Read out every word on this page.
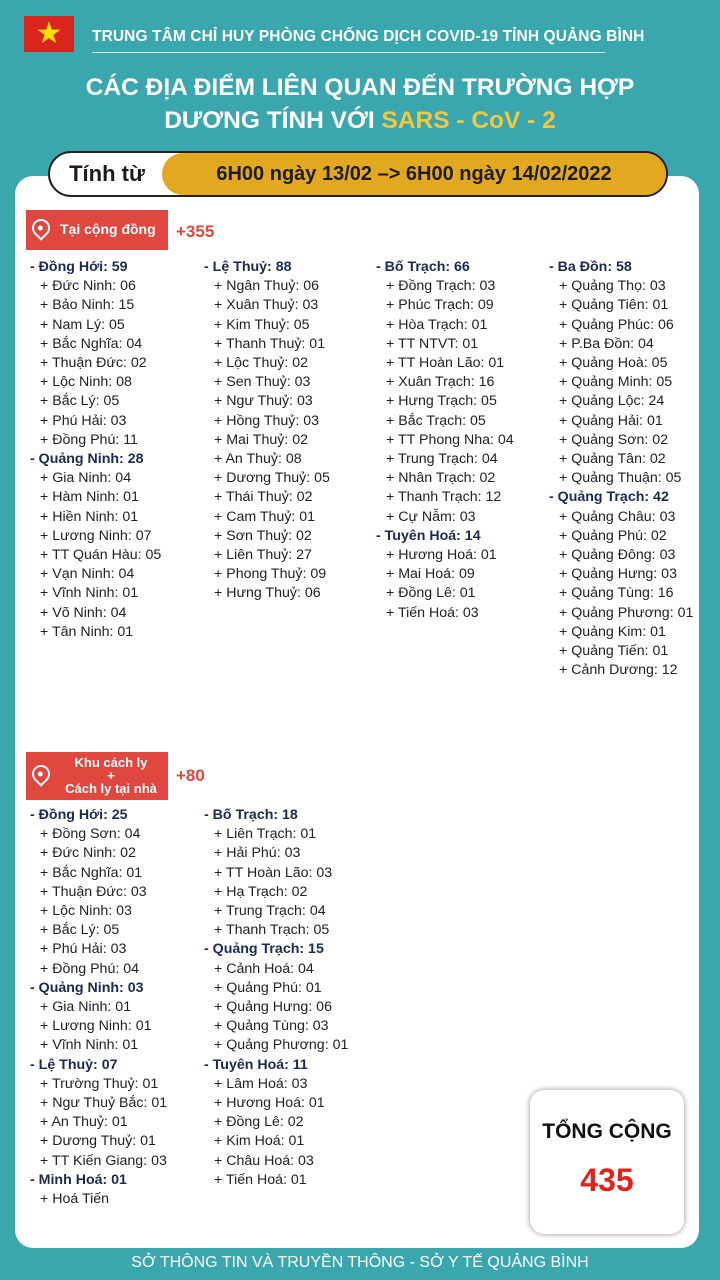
★	TRUNG TÂM CHỈ HUY PHÒNG CHỐNG DỊCH COVID-19 TỈNH QUẢNG BÌNH
CÁC ĐỊA ĐIỂM LIÊN QUAN ĐẾN TRƯỜNG HỢP
DƯƠNG TÍNH VỚI SARS - CoV - 2
Tính từ	6H00 ngày 13/02 –> 6H00 ngày 14/02/2022
Tại cộng đồng +355
- Đồng Hới: 59
+ Đức Ninh: 06
+ Bảo Ninh: 15
+ Nam Lý: 05
+ Bắc Nghĩa: 04
+ Thuận Đức: 02
+ Lộc Ninh: 08
+ Bắc Lý: 05
+ Phú Hải: 03
+ Đồng Phú: 11
- Quảng Ninh: 28
+ Gia Ninh: 04
+ Hàm Ninh: 01
+ Hiền Ninh: 01
+ Lương Ninh: 07
+ TT Quán Hàu: 05
+ Vạn Ninh: 04
+ Vĩnh Ninh: 01
+ Võ Ninh: 04
+ Tân Ninh: 01
- Lệ Thuỷ: 88
+ Ngân Thuỷ: 06
+ Xuân Thuỷ: 03
+ Kim Thuỷ: 05
+ Thanh Thuỷ: 01
+ Lộc Thuỷ: 02
+ Sen Thuỷ: 03
+ Ngư Thuỷ: 03
+ Hồng Thuỷ: 03
+ Mai Thuỷ: 02
+ An Thuỷ: 08
+ Dương Thuỷ: 05
+ Thái Thuỷ: 02
+ Cam Thuỷ: 01
+ Sơn Thuỷ: 02
+ Liên Thuỷ: 27
+ Phong Thuỷ: 09
+ Hưng Thuỷ: 06
- Bố Trạch: 66
+ Đồng Trạch: 03
+ Phúc Trạch: 09
+ Hòa Trạch: 01
+ TT NTVT: 01
+ TT Hoàn Lão: 01
+ Xuân Trạch: 16
+ Hưng Trạch: 05
+ Bắc Trạch: 05
+ TT Phong Nha: 04
+ Trung Trạch: 04
+ Nhân Trạch: 02
+ Thanh Trạch: 12
+ Cự Nẫm: 03
- Tuyên Hoá: 14
+ Hương Hoá: 01
+ Mai Hoá: 09
+ Đồng Lê: 01
+ Tiến Hoá: 03
- Ba Đồn: 58
+ Quảng Thọ: 03
+ Quảng Tiên: 01
+ Quảng Phúc: 06
+ P.Ba Đồn: 04
+ Quảng Hoà: 05
+ Quảng Minh: 05
+ Quảng Lộc: 24
+ Quảng Hải: 01
+ Quảng Sơn: 02
+ Quảng Tân: 02
+ Quảng Thuận: 05
- Quảng Trạch: 42
+ Quảng Châu: 03
+ Quảng Phú: 02
+ Quảng Đông: 03
+ Quảng Hưng: 03
+ Quảng Tùng: 16
+ Quảng Phương: 01
+ Quảng Kim: 01
+ Quảng Tiến: 01
+ Cảnh Dương: 12
Khu cách ly
+
Cách ly tại nhà
+80
- Đồng Hới: 25
+ Đồng Sơn: 04
+ Đức Ninh: 02
+ Bắc Nghĩa: 01
+ Thuận Đức: 03
+ Lộc Ninh: 03
+ Bắc Lý: 05
+ Phú Hải: 03
+ Đồng Phú: 04
- Quảng Ninh: 03
+ Gia Ninh: 01
+ Lương Ninh: 01
+ Vĩnh Ninh: 01
- Lệ Thuỷ: 07
+ Trường Thuỷ: 01
+ Ngư Thuỷ Bắc: 01
+ An Thuỷ: 01
+ Dương Thuỷ: 01
+ TT Kiến Giang: 03
- Minh Hoá: 01
+ Hoá Tiến
- Bố Trạch: 18
+ Liên Trạch: 01
+ Hải Phú: 03
+ TT Hoàn Lão: 03
+ Hạ Trạch: 02
+ Trung Trạch: 04
+ Thanh Trạch: 05
- Quảng Trạch: 15
+ Cảnh Hoá: 04
+ Quảng Phú: 01
+ Quảng Hưng: 06
+ Quảng Tùng: 03
+ Quảng Phương: 01
- Tuyên Hoá: 11
+ Lâm Hoá: 03
+ Hương Hoá: 01
+ Đồng Lê: 02
+ Kim Hoá: 01
+ Châu Hoá: 03
+ Tiến Hoá: 01
TỔNG CỘNG
435
SỞ THÔNG TIN VÀ TRUYỀN THÔNG - SỞ Y TẾ QUẢNG BÌNH
